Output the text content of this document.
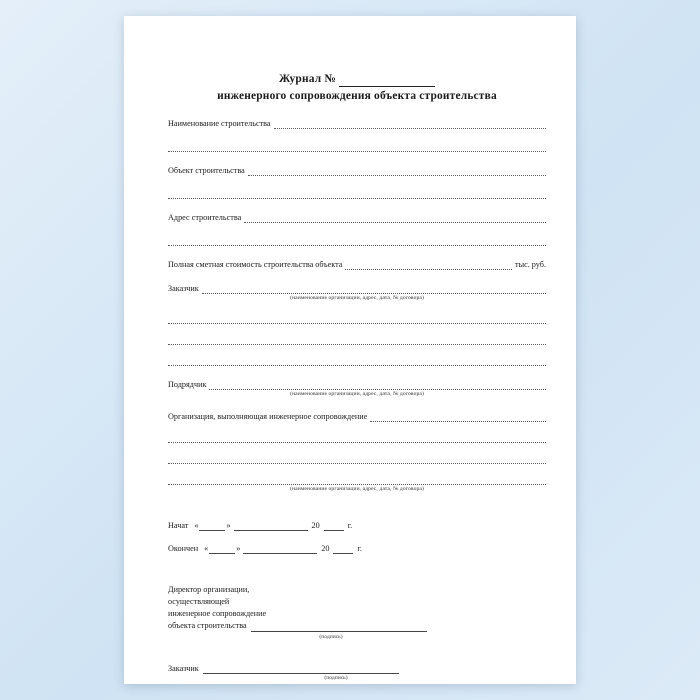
Журнал №
инженерного сопровождения объекта строительства
Наименование строительства
Объект строительства
Адрес строительства
Полная сметная стоимость строительства объекта	тыс. руб.
Заказчик
(наименование организации, адрес, дата, № договора)
Подрядчик
(наименование организации, адрес, дата, № договора)
Организация, выполняющая инженерное сопровождение
(наименование организации, адрес, дата, № договора)
Начат «	»	20	г.
Окончен «	»	20	г.
Директор организации,
осуществляющей
инженерное сопровождение
объекта строительства
(подпись)
Заказчик
(подпись)
